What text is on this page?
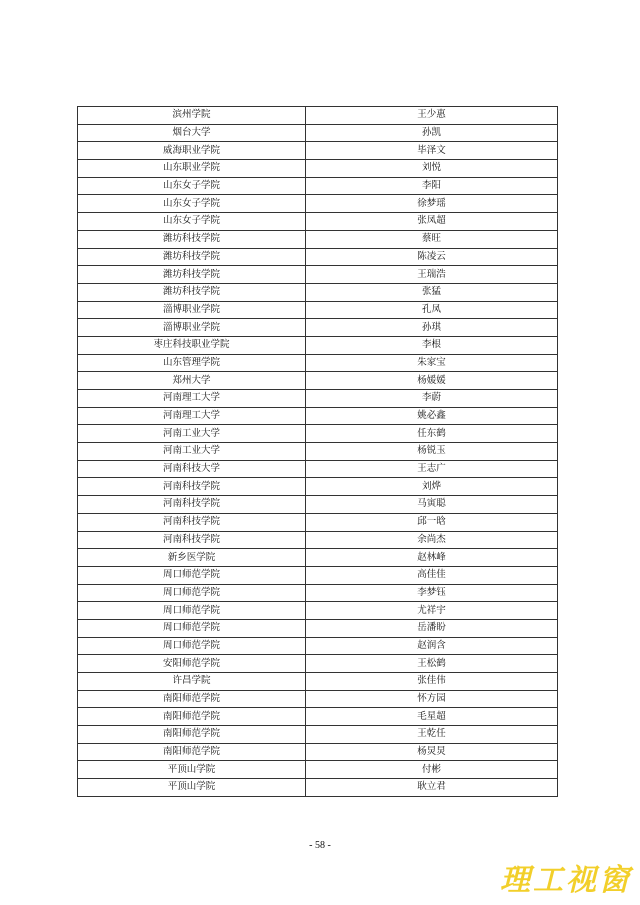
滨州学院	王少惠
烟台大学	孙凯
威海职业学院	毕泽文
山东职业学院	刘悦
山东女子学院	李阳
山东女子学院	徐梦瑶
山东女子学院	张凤超
潍坊科技学院	蔡旺
潍坊科技学院	陈凌云
潍坊科技学院	王瑞浩
潍坊科技学院	张猛
淄博职业学院	孔凤
淄博职业学院	孙琪
枣庄科技职业学院	李根
山东管理学院	朱家宝
郑州大学	杨媛媛
河南理工大学	李蔚
河南理工大学	姚必鑫
河南工业大学	任东鹤
河南工业大学	杨锐玉
河南科技大学	王志广
河南科技学院	刘烨
河南科技学院	马寅聪
河南科技学院	邱一晗
河南科技学院	余尚杰
新乡医学院	赵林峰
周口师范学院	高佳佳
周口师范学院	李梦钰
周口师范学院	尤祥宇
周口师范学院	岳潘盼
周口师范学院	赵润含
安阳师范学院	王松鹤
许昌学院	张佳伟
南阳师范学院	怀方园
南阳师范学院	毛星超
南阳师范学院	王乾任
南阳师范学院	杨炅炅
平顶山学院	付彬
平顶山学院	耿立君
- 58 -
理工视窗
